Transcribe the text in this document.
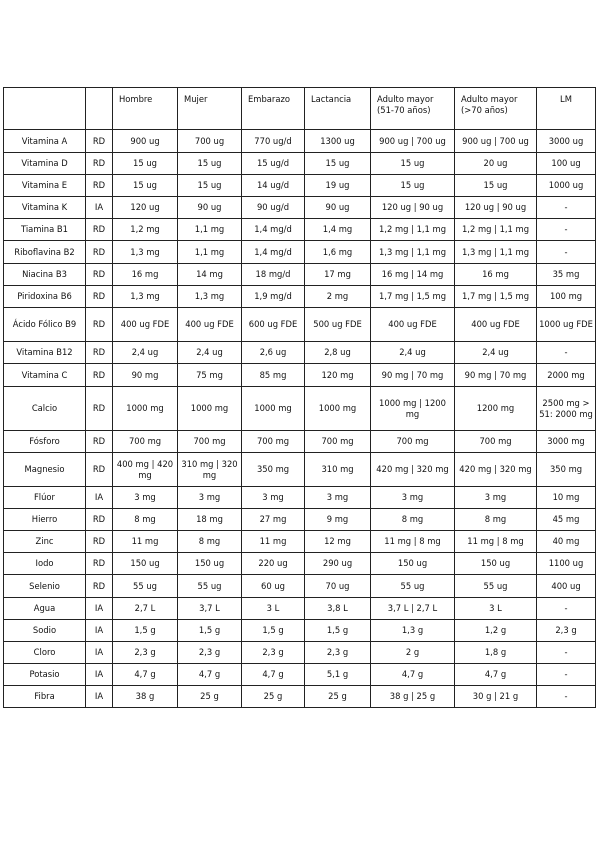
		Hombre	Mujer	Embarazo	Lactancia	Adulto mayor (51-70 años)	Adulto mayor (>70 años)	LM
Vitamina A	RD	900 ug	700 ug	770 ug/d	1300 ug	900 ug | 700 ug	900 ug | 700 ug	3000 ug
Vitamina D	RD	15 ug	15 ug	15 ug/d	15 ug	15 ug	20 ug	100 ug
Vitamina E	RD	15 ug	15 ug	14 ug/d	19 ug	15 ug	15 ug	1000 ug
Vitamina K	IA	120 ug	90 ug	90 ug/d	90 ug	120 ug | 90 ug	120 ug | 90 ug	-
Tiamina B1	RD	1,2 mg	1,1 mg	1,4 mg/d	1,4 mg	1,2 mg | 1,1 mg	1,2 mg | 1,1 mg	-
Riboflavina B2	RD	1,3 mg	1,1 mg	1,4 mg/d	1,6 mg	1,3 mg | 1,1 mg	1,3 mg | 1,1 mg	-
Niacina B3	RD	16 mg	14 mg	18 mg/d	17 mg	16 mg | 14 mg	16 mg	35 mg
Piridoxina B6	RD	1,3 mg	1,3 mg	1,9 mg/d	2 mg	1,7 mg | 1,5 mg	1,7 mg | 1,5 mg	100 mg
Ácido Fólico B9	RD	400 ug FDE	400 ug FDE	600 ug FDE	500 ug FDE	400 ug FDE	400 ug FDE	1000 ug FDE
Vitamina B12	RD	2,4 ug	2,4 ug	2,6 ug	2,8 ug	2,4 ug	2,4 ug	-
Vitamina C	RD	90 mg	75 mg	85 mg	120 mg	90 mg | 70 mg	90 mg | 70 mg	2000 mg
Calcio	RD	1000 mg	1000 mg	1000 mg	1000 mg	1000 mg | 1200 mg	1200 mg	2500 mg > 51: 2000 mg
Fósforo	RD	700 mg	700 mg	700 mg	700 mg	700 mg	700 mg	3000 mg
Magnesio	RD	400 mg | 420 mg	310 mg | 320 mg	350 mg	310 mg	420 mg | 320 mg	420 mg | 320 mg	350 mg
Flúor	IA	3 mg	3 mg	3 mg	3 mg	3 mg	3 mg	10 mg
Hierro	RD	8 mg	18 mg	27 mg	9 mg	8 mg	8 mg	45 mg
Zinc	RD	11 mg	8 mg	11 mg	12 mg	11 mg | 8 mg	11 mg | 8 mg	40 mg
Iodo	RD	150 ug	150 ug	220 ug	290 ug	150 ug	150 ug	1100 ug
Selenio	RD	55 ug	55 ug	60 ug	70 ug	55 ug	55 ug	400 ug
Agua	IA	2,7 L	3,7 L	3 L	3,8 L	3,7 L | 2,7 L	3 L	-
Sodio	IA	1,5 g	1,5 g	1,5 g	1,5 g	1,3 g	1,2 g	2,3 g
Cloro	IA	2,3 g	2,3 g	2,3 g	2,3 g	2 g	1,8 g	-
Potasio	IA	4,7 g	4,7 g	4,7 g	5,1 g	4,7 g	4,7 g	-
Fibra	IA	38 g	25 g	25 g	25 g	38 g | 25 g	30 g | 21 g	-
